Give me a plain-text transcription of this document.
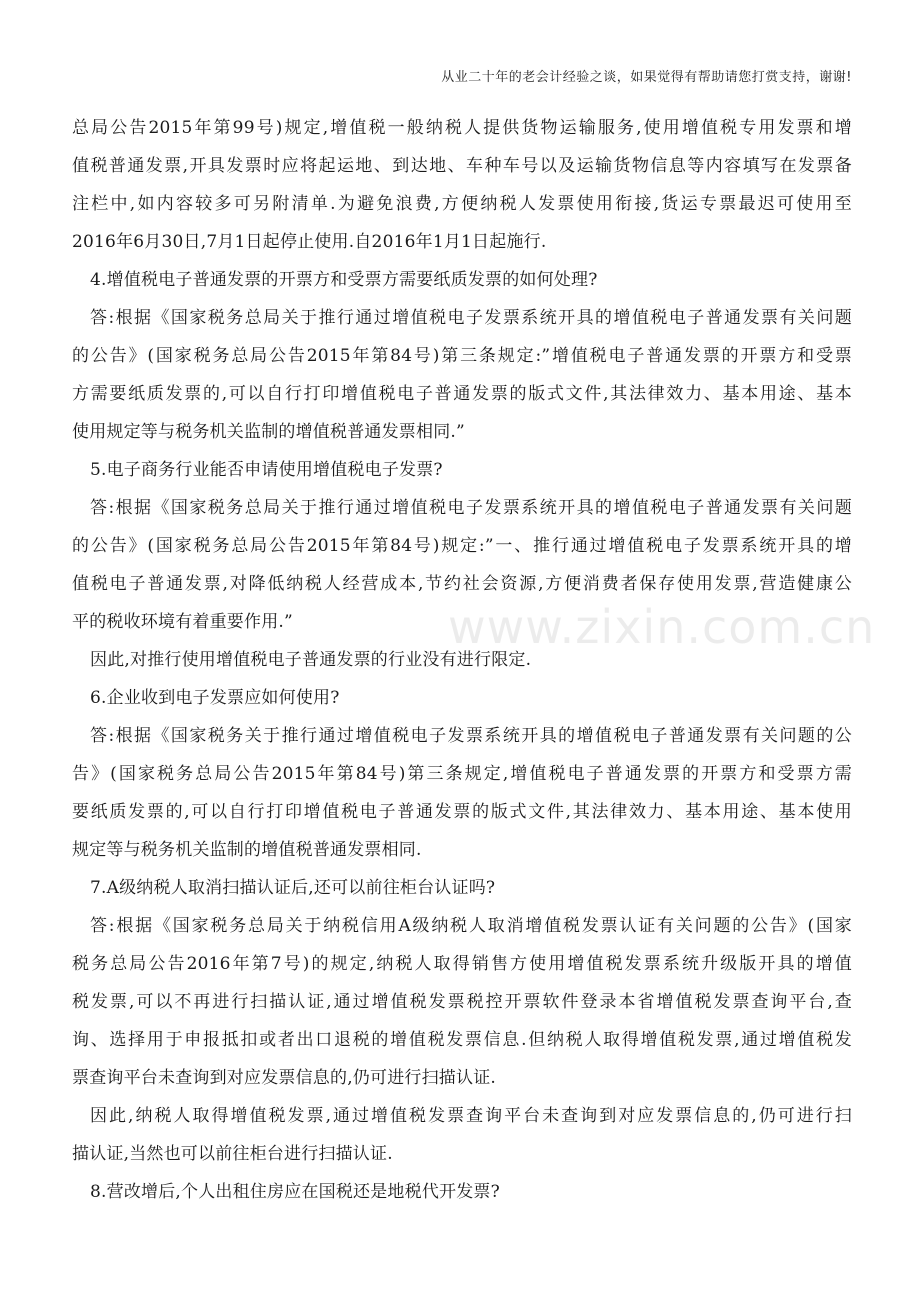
从业二十年的老会计经验之谈，如果觉得有帮助请您打赏支持，谢谢!
www.zixin.com.cn
总局公告2015年第99号)规定,增值税一般纳税人提供货物运输服务,使用增值税专用发票和增
值税普通发票,开具发票时应将起运地、到达地、车种车号以及运输货物信息等内容填写在发票备
注栏中,如内容较多可另附清单.为避免浪费,方便纳税人发票使用衔接,货运专票最迟可使用至
2016年6月30日,7月1日起停止使用.自2016年1月1日起施行.
4.增值税电子普通发票的开票方和受票方需要纸质发票的如何处理?
答:根据《国家税务总局关于推行通过增值税电子发票系统开具的增值税电子普通发票有关问题
的公告》(国家税务总局公告2015年第84号)第三条规定:”增值税电子普通发票的开票方和受票
方需要纸质发票的,可以自行打印增值税电子普通发票的版式文件,其法律效力、基本用途、基本
使用规定等与税务机关监制的增值税普通发票相同.”
5.电子商务行业能否申请使用增值税电子发票?
答:根据《国家税务总局关于推行通过增值税电子发票系统开具的增值税电子普通发票有关问题
的公告》(国家税务总局公告2015年第84号)规定:”一、推行通过增值税电子发票系统开具的增
值税电子普通发票,对降低纳税人经营成本,节约社会资源,方便消费者保存使用发票,营造健康公
平的税收环境有着重要作用.”
因此,对推行使用增值税电子普通发票的行业没有进行限定.
6.企业收到电子发票应如何使用?
答:根据《国家税务关于推行通过增值税电子发票系统开具的增值税电子普通发票有关问题的公
告》(国家税务总局公告2015年第84号)第三条规定,增值税电子普通发票的开票方和受票方需
要纸质发票的,可以自行打印增值税电子普通发票的版式文件,其法律效力、基本用途、基本使用
规定等与税务机关监制的增值税普通发票相同.
7.A级纳税人取消扫描认证后,还可以前往柜台认证吗?
答:根据《国家税务总局关于纳税信用A级纳税人取消增值税发票认证有关问题的公告》(国家
税务总局公告2016年第7号)的规定,纳税人取得销售方使用增值税发票系统升级版开具的增值
税发票,可以不再进行扫描认证,通过增值税发票税控开票软件登录本省增值税发票查询平台,查
询、选择用于申报抵扣或者出口退税的增值税发票信息.但纳税人取得增值税发票,通过增值税发
票查询平台未查询到对应发票信息的,仍可进行扫描认证.
因此,纳税人取得增值税发票,通过增值税发票查询平台未查询到对应发票信息的,仍可进行扫
描认证,当然也可以前往柜台进行扫描认证.
8.营改增后,个人出租住房应在国税还是地税代开发票?
